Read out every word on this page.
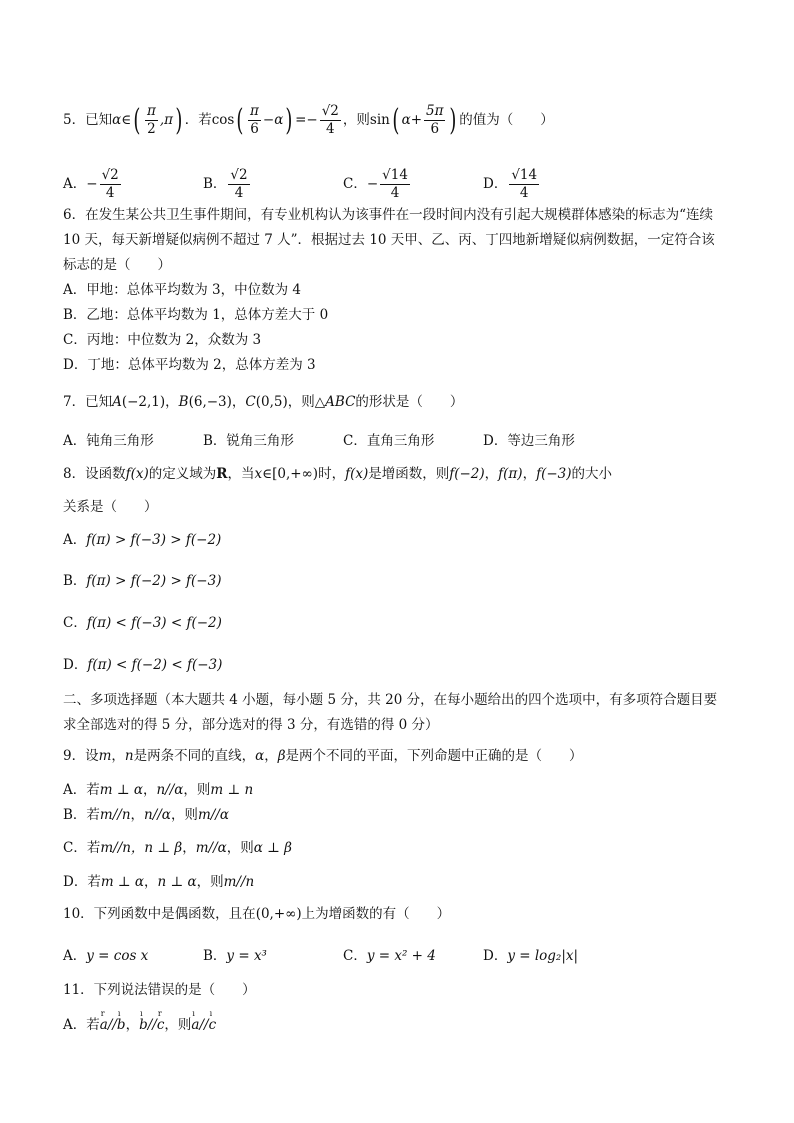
5．已知α∈( $\frac{\pi}{2} ,\pi$) ．若$\cos( \frac{\pi}{6} -\alpha) =- \frac{√2}{4}$ ，则sin( $\alpha+ \frac{5\pi}{6}$ ) 的值为（　　）
A．− $\frac{√2}{4}$	B． $\frac{√2}{4}$	C．− $\frac{√14}{4}$	D． $\frac{√14}{4}$
6．在发生某公共卫生事件期间，有专业机构认为该事件在一段时间内没有引起大规模群体感染的标志为“连续
10 天，每天新增疑似病例不超过 7 人”．根据过去 10 天甲、乙、丙、丁四地新增疑似病例数据，一定符合该
标志的是（　　）
A．甲地：总体平均数为 3，中位数为 4
B．乙地：总体平均数为 1，总体方差大于 0
C．丙地：中位数为 2，众数为 3
D．丁地：总体平均数为 2，总体方差为 3
7．已知A(−2,1)，B(6,−3)，C(0,5)，则△ABC的形状是（　　）
A．钝角三角形	B．锐角三角形	C．直角三角形	D．等边三角形
8．设函数f(x)的定义域为R，当x∈[0,+∞)时，f(x)是增函数，则f(−2)，f(π)，f(−3)的大小
关系是（　　）
A．f(π) > f(−3) > f(−2)
B．f(π) > f(−2) > f(−3)
C．f(π) < f(−3) < f(−2)
D．f(π) < f(−2) < f(−3)
二、多项选择题（本大题共 4 小题，每小题 5 分，共 20 分，在每小题给出的四个选项中，有多项符合题目要
求全部选对的得 5 分，部分选对的得 3 分，有选错的得 0 分）
9．设m，n是两条不同的直线，α，β是两个不同的平面，下列命题中正确的是（　　）
A．若m ⊥ α，n//α，则m ⊥ n
B．若m//n，n//α，则m//α
C．若m//n，n ⊥ β，m//α，则α ⊥ β
D．若m ⊥ α，n ⊥ α，则m//n
10．下列函数中是偶函数，且在(0,+∞)上为增函数的有（　　）
A．y = cos x	B．y = x³	C．y = x² + 4	D．y = log₂|x|
11．下列说法错误的是（　　）
A．若r a//ı b，ı b//r c，则ı a//ı c
